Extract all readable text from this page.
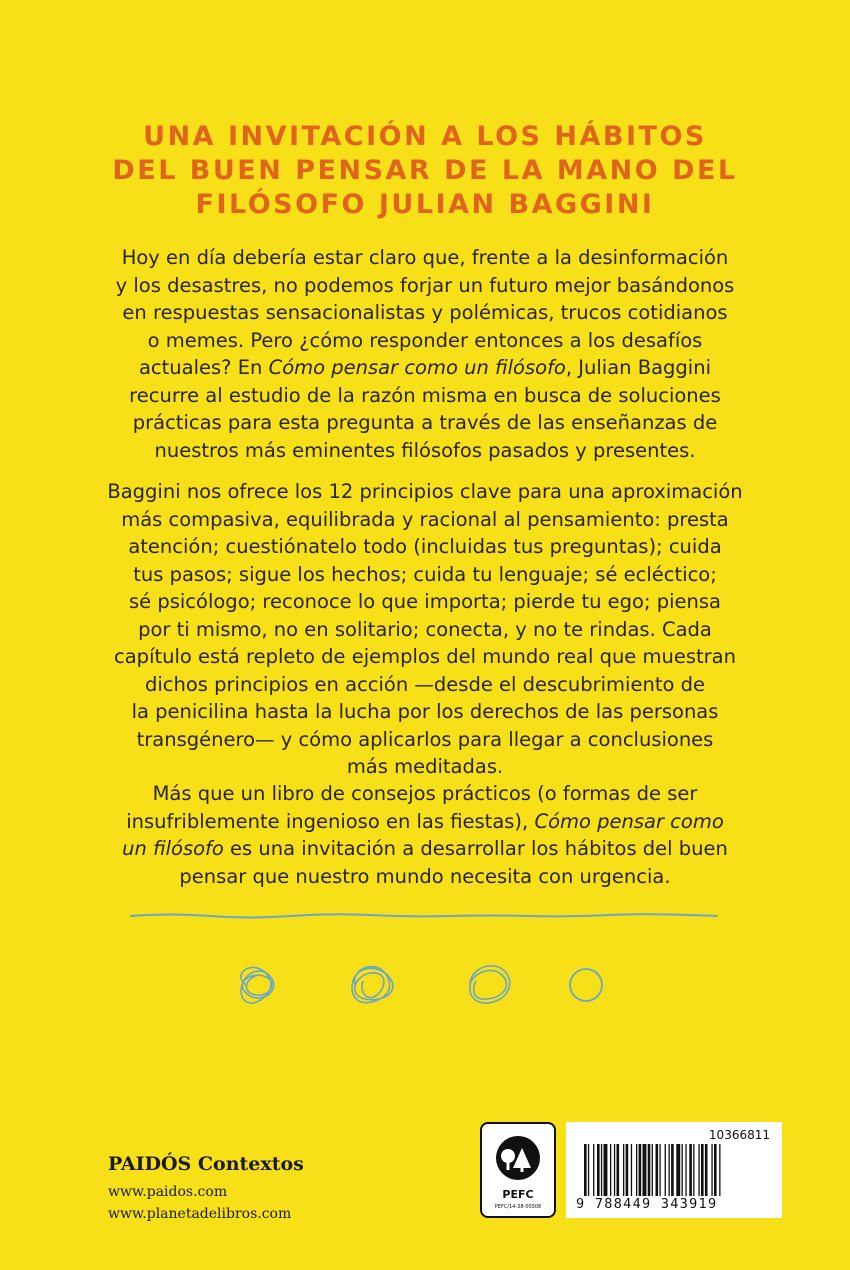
UNA INVITACIÓN A LOS HÁBITOS
DEL BUEN PENSAR DE LA MANO DEL
FILÓSOFO JULIAN BAGGINI
Hoy en día debería estar claro que, frente a la desinformación
y los desastres, no podemos forjar un futuro mejor basándonos
en respuestas sensacionalistas y polémicas, trucos cotidianos
o memes. Pero ¿cómo responder entonces a los desafíos
actuales? En Cómo pensar como un filósofo, Julian Baggini
recurre al estudio de la razón misma en busca de soluciones
prácticas para esta pregunta a través de las enseñanzas de
nuestros más eminentes filósofos pasados y presentes.
Baggini nos ofrece los 12 principios clave para una aproximación
más compasiva, equilibrada y racional al pensamiento: presta
atención; cuestiónatelo todo (incluidas tus preguntas); cuida
tus pasos; sigue los hechos; cuida tu lenguaje; sé ecléctico;
sé psicólogo; reconoce lo que importa; pierde tu ego; piensa
por ti mismo, no en solitario; conecta, y no te rindas. Cada
capítulo está repleto de ejemplos del mundo real que muestran
dichos principios en acción —desde el descubrimiento de
la penicilina hasta la lucha por los derechos de las personas
transgénero— y cómo aplicarlos para llegar a conclusiones
más meditadas.
Más que un libro de consejos prácticos (o formas de ser
insufriblemente ingenioso en las fiestas), Cómo pensar como
un filósofo es una invitación a desarrollar los hábitos del buen
pensar que nuestro mundo necesita con urgencia.
PAIDÓS Contextos
www.paidos.com
www.planetadelibros.com
PEFC
PEFC/14-38-00308
10366811
9 788449 343919
